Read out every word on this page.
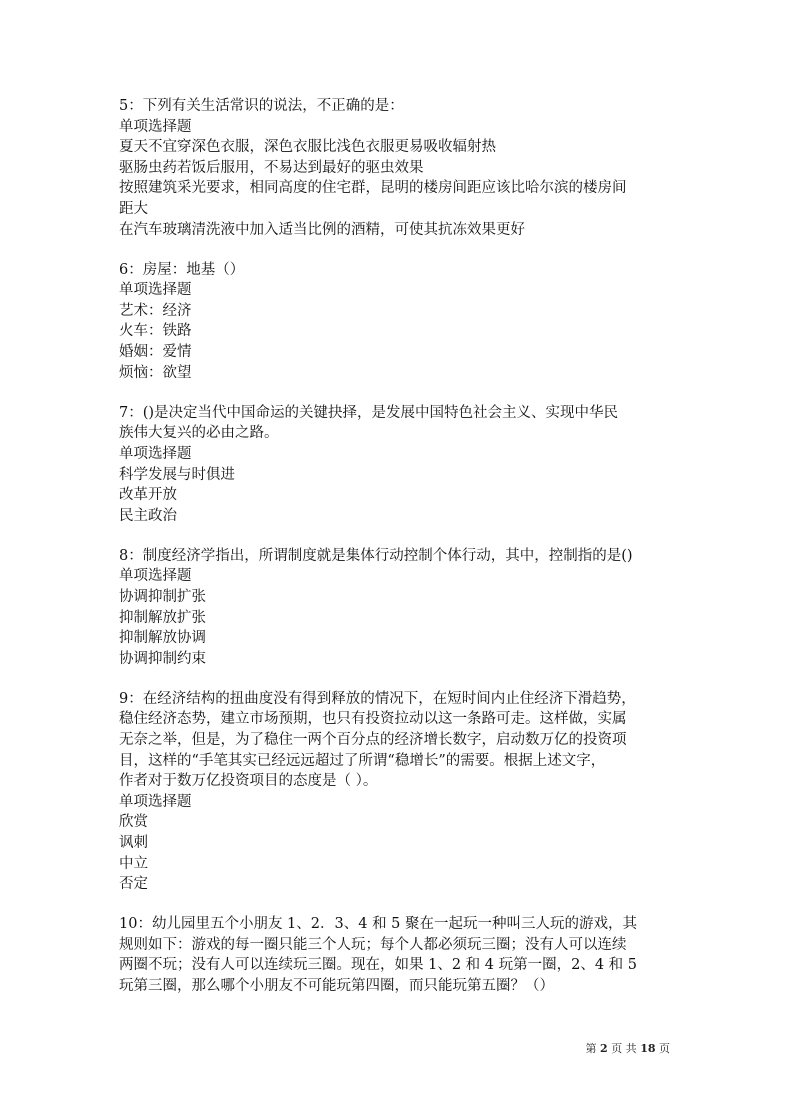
5：下列有关生活常识的说法，不正确的是：
单项选择题
夏天不宜穿深色衣服，深色衣服比浅色衣服更易吸收辐射热
驱肠虫药若饭后服用，不易达到最好的驱虫效果
按照建筑采光要求，相同高度的住宅群，昆明的楼房间距应该比哈尔滨的楼房间
距大
在汽车玻璃清洗液中加入适当比例的酒精，可使其抗冻效果更好
6：房屋：地基（）
单项选择题
艺术：经济
火车：铁路
婚姻：爱情
烦恼：欲望
7：()是决定当代中国命运的关键抉择，是发展中国特色社会主义、实现中华民
族伟大复兴的必由之路。
单项选择题
科学发展与时俱进
改革开放
民主政治
8：制度经济学指出，所谓制度就是集体行动控制个体行动，其中，控制指的是()
单项选择题
协调抑制扩张
抑制解放扩张
抑制解放协调
协调抑制约束
9：在经济结构的扭曲度没有得到释放的情况下，在短时间内止住经济下滑趋势，
稳住经济态势，建立市场预期，也只有投资拉动以这一条路可走。这样做，实属
无奈之举，但是，为了稳住一两个百分点的经济增长数字，启动数万亿的投资项
目，这样的“手笔其实已经远远超过了所谓“稳增长”的需要。根据上述文字，
作者对于数万亿投资项目的态度是（ ）。
单项选择题
欣赏
讽刺
中立
否定
10：幼儿园里五个小朋友 1、2．3、4 和 5 聚在一起玩一种叫三人玩的游戏，其
规则如下：游戏的每一圈只能三个人玩；每个人都必须玩三圈；没有人可以连续
两圈不玩；没有人可以连续玩三圈。现在，如果 1、2 和 4 玩第一圈，2、4 和 5
玩第三圈，那么哪个小朋友不可能玩第四圈，而只能玩第五圈？（）
第 2 页 共 18 页
